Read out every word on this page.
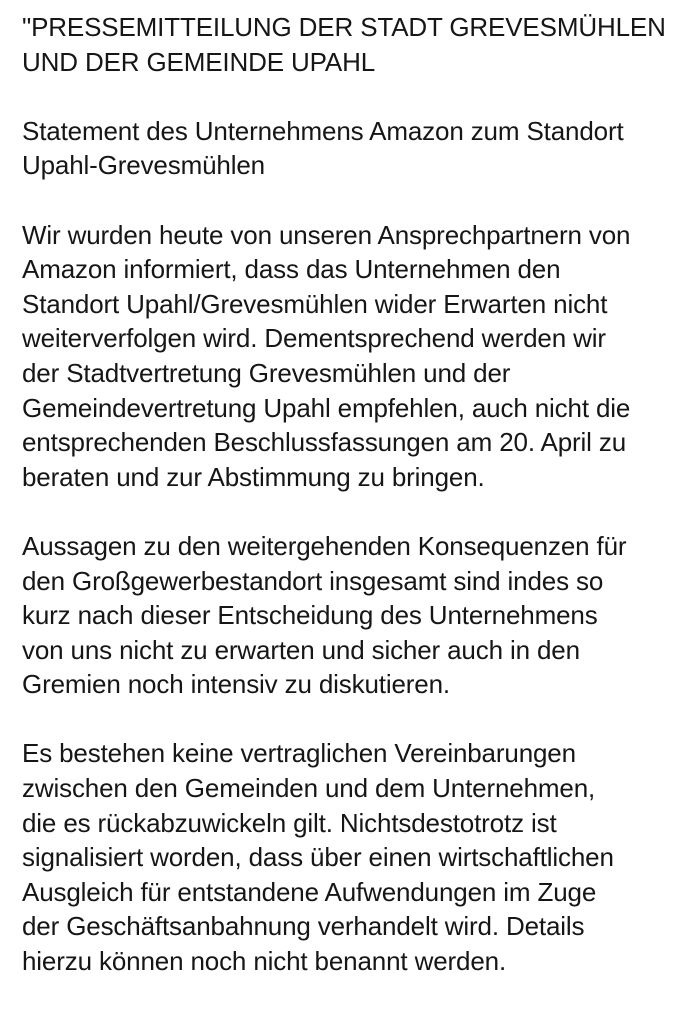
"PRESSEMITTEILUNG DER STADT GREVESMÜHLEN
UND DER GEMEINDE UPAHL

Statement des Unternehmens Amazon zum Standort
Upahl-Grevesmühlen

Wir wurden heute von unseren Ansprechpartnern von
Amazon informiert, dass das Unternehmen den
Standort Upahl/Grevesmühlen wider Erwarten nicht
weiterverfolgen wird. Dementsprechend werden wir
der Stadtvertretung Grevesmühlen und der
Gemeindevertretung Upahl empfehlen, auch nicht die
entsprechenden Beschlussfassungen am 20. April zu
beraten und zur Abstimmung zu bringen.

Aussagen zu den weitergehenden Konsequenzen für
den Großgewerbestandort insgesamt sind indes so
kurz nach dieser Entscheidung des Unternehmens
von uns nicht zu erwarten und sicher auch in den
Gremien noch intensiv zu diskutieren.

Es bestehen keine vertraglichen Vereinbarungen
zwischen den Gemeinden und dem Unternehmen,
die es rückabzuwickeln gilt. Nichtsdestotrotz ist
signalisiert worden, dass über einen wirtschaftlichen
Ausgleich für entstandene Aufwendungen im Zuge
der Geschäftsanbahnung verhandelt wird. Details
hierzu können noch nicht benannt werden.
